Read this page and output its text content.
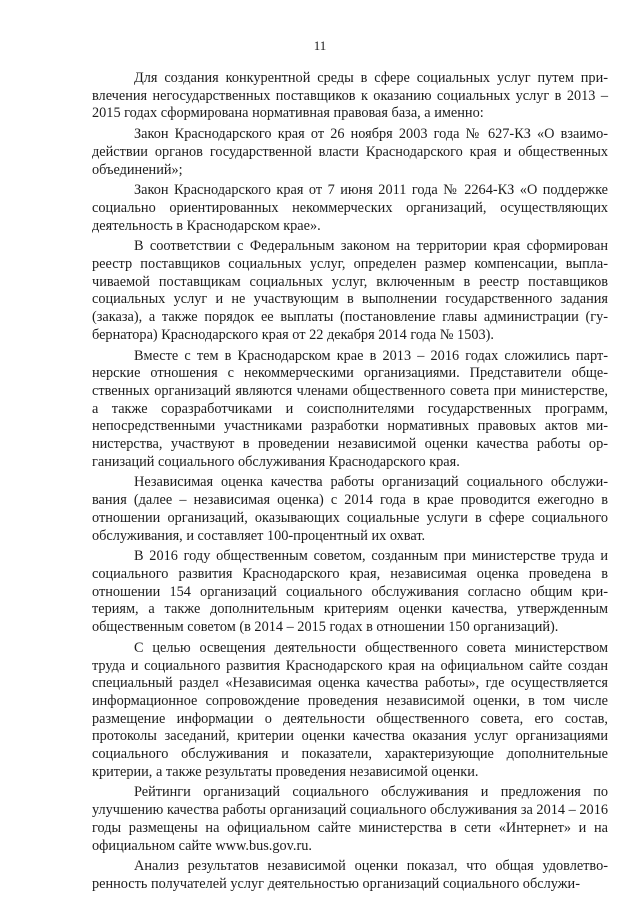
11

Для создания конкурентной среды в сфере социальных услуг путем привлечения негосударственных поставщиков к оказанию социальных услуг в 2013 – 2015 годах сформирована нормативная правовая база, а именно:

Закон Краснодарского края от 26 ноября 2003 года № 627-КЗ «О взаимодействии органов государственной власти Краснодарского края и общественных объединений»;

Закон Краснодарского края от 7 июня 2011 года № 2264-КЗ «О поддержке социально ориентированных некоммерческих организаций, осуществляющих деятельность в Краснодарском крае».

В соответствии с Федеральным законом на территории края сформирован реестр поставщиков социальных услуг, определен размер компенсации, выплачиваемой поставщикам социальных услуг, включенным в реестр поставщиков социальных услуг и не участвующим в выполнении государственного задания (заказа), а также порядок ее выплаты (постановление главы администрации (губернатора) Краснодарского края от 22 декабря 2014 года № 1503).

Вместе с тем в Краснодарском крае в 2013 – 2016 годах сложились партнерские отношения с некоммерческими организациями. Представители общественных организаций являются членами общественного совета при министерстве, а также соразработчиками и соисполнителями государственных программ, непосредственными участниками разработки нормативных правовых актов министерства, участвуют в проведении независимой оценки качества работы организаций социального обслуживания Краснодарского края.

Независимая оценка качества работы организаций социального обслуживания (далее – независимая оценка) с 2014 года в крае проводится ежегодно в отношении организаций, оказывающих социальные услуги в сфере социального обслуживания, и составляет 100-процентный их охват.

В 2016 году общественным советом, созданным при министерстве труда и социального развития Краснодарского края, независимая оценка проведена в отношении 154 организаций социального обслуживания согласно общим критериям, а также дополнительным критериям оценки качества, утвержденным общественным советом (в 2014 – 2015 годах в отношении 150 организаций).

С целью освещения деятельности общественного совета министерством труда и социального развития Краснодарского края на официальном сайте создан специальный раздел «Независимая оценка качества работы», где осуществляется информационное сопровождение проведения независимой оценки, в том числе размещение информации о деятельности общественного совета, его состав, протоколы заседаний, критерии оценки качества оказания услуг организациями социального обслуживания и показатели, характеризующие дополнительные критерии, а также результаты проведения независимой оценки.

Рейтинги организаций социального обслуживания и предложения по улучшению качества работы организаций социального обслуживания за 2014 – 2016 годы размещены на официальном сайте министерства в сети «Интернет» и на официальном сайте www.bus.gov.ru.

Анализ результатов независимой оценки показал, что общая удовлетворенность получателей услуг деятельностью организаций социального обслужи-
